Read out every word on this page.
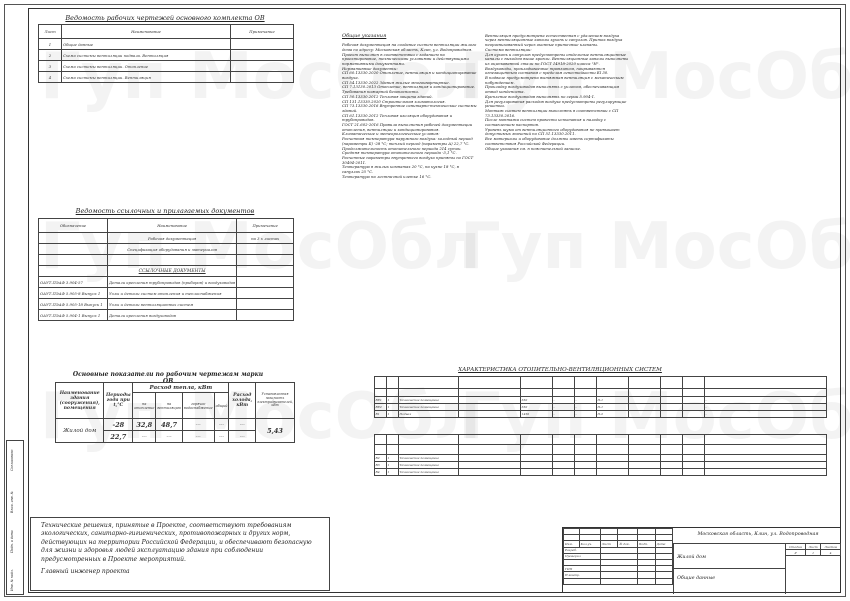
Инв. № подл.
Подп. и дата
Взам. инв. №
Согласовано
Ведомость рабочих чертежей основного комплекта ОВ
Лист	Наименование	Примечание
1	Общие данные	
2	Схема системы вентиляции подвала. Вентиляция	
3	Схема системы вентиляции. Отопление	
4	Схема системы вентиляции. Вентиляция	
Ведомость ссылочных и прилагаемых документов
Обозначение	Наименование	Примечание
	Рабочая документация	на 3 х листах
	Спецификация оборудования и материалов	

	ССЫЛОЧНЫЕ ДОКУМЕНТЫ	
ОАУТ.ПЭАФ 3.904-57	Детали крепления трубопроводов (приборов) и воздуховодов	
ОАУТ.ПЭАФ 5.905-8 Выпуск 1	Узлы и детали систем отопления и теплоснабжения	
ОАУТ.ПЭАФ 5.905-18 Выпуск 1	Узлы и детали вентиляционных систем	
ОАУТ.ПЭАФ 5.904-1 Выпуск 1	Детали крепления воздуховодов	
Основные показатели по рабочим чертежам марки ОВ
Наименование здания (сооружения), помещения	Периоды года при t,°С	Расход тепла, кВт				Расход холода, кВт	Установленная мощность электродвигателей, кВт
		на отопление	на вентиляцию	горячее водоснабжение	общий		
Жилой дом	-28	32,8	48,7	---	---	---	5,43
	22,7	---	---	---	---	---	
Технические решения, принятые в Проекте, соответствуют требованиям экологических, санитарно-гигиенических, противопожарных и других норм, действующих на территории Российской Федерации, и обеспечивают безопасную для жизни и здоровья людей эксплуатацию здания при соблюдении предусмотренных в Проекте мероприятий.
Главный инженер проекта

Общие указания

Рабочая документация на создание систем вентиляции жилого дома по адресу: Московская область, Клин, ул. Водопроводная. Проект выполнен в соответствии с заданием на проектирование, техническими условиями и действующими нормативными документами.
Нормативные документы:
СП 60.13330.2020 Отопление, вентиляция и кондиционирование воздуха.
СП 54.13330.2022 Здания жилые многоквартирные.
СП 7.13130.2013 Отопление, вентиляция и кондиционирование. Требования пожарной безопасности.
СП 50.13330.2012 Тепловая защита зданий.
СП 131.13330.2020 Строительная климатология.
СП 73.13330.2016 Внутренние санитарно-технические системы зданий.
СП 61.13330.2012 Тепловая изоляция оборудования и трубопроводов.
ГОСТ 21.602-2016 Правила выполнения рабочей документации отопления, вентиляции и кондиционирования.
Климатические и метеорологические условия:
Расчетная температура наружного воздуха: холодный период (параметры Б) -28 °С; теплый период (параметры А) 22,7 °С.
Продолжительность отопительного периода 214 суток.
Средняя температура отопительного периода -3,1 °С.
Расчетные параметры внутреннего воздуха приняты по ГОСТ 30494-2011.
Температура в жилых комнатах 20 °С, на кухне 18 °С, в санузлах 25 °С.
Температура на лестничной клетке 16 °С.

Вентиляция предусмотрена естественная с удалением воздуха через вентиляционные каналы кухонь и санузлов. Приток воздуха неорганизованный через оконные приточные клапаны.
Система вентиляции:
Для кухонь и санузлов предусмотрены отдельные вентиляционные каналы с выходом выше кровли. Вентиляционные каналы выполнены из оцинкованной стали по ГОСТ 14918-2020 класса "Н".
Воздуховоды, прокладываемые транзитом, покрываются огнезащитным составом с пределом огнестойкости EI 30.
В подвале предусмотрена вытяжная вентиляция с механическим побуждением.
Прокладку воздуховодов выполнять с уклоном, обеспечивающим отвод конденсата.
Крепление воздуховодов выполнять по серии 5.904-1.
Для регулирования расходов воздуха предусмотрены регулирующие решетки.
Монтаж систем вентиляции выполнять в соответствии с СП 73.13330.2016.
После монтажа систем провести испытания и наладку с составлением паспортов.
Уровень шума от вентиляционного оборудования не превышает допустимых значений по СП 51.13330.2011.
Все материалы и оборудование должны иметь сертификаты соответствия Российской Федерации.
Общие указания см. в пояснительной записке.

ХАРАКТЕРИСТИКА ОТОПИТЕЛЬНО-ВЕНТИЛЯЦИОННЫХ СИСТЕМ

ВЕ1	1	Техническое помещение		330	-	-	П-1				-
ВЕ2	1	Техническое помещение		330	-	-	П-1				-
В1	1	Подвал		1450	-	-	П-2				-

В2	1	Техническое помещение									
В3	1	Техническое помещение									
В4	1	Техническое помещение									

Изм.	Кол.уч.	Лист	№ док.	Подп.	Дата
Разраб.					
Проверил					

ГИП					
Н.контр.					

Московская область, Клин, ул. Водопроводная
Жилой дом
Общие данные
Стадия	Лист	Листов
Р	1	4
